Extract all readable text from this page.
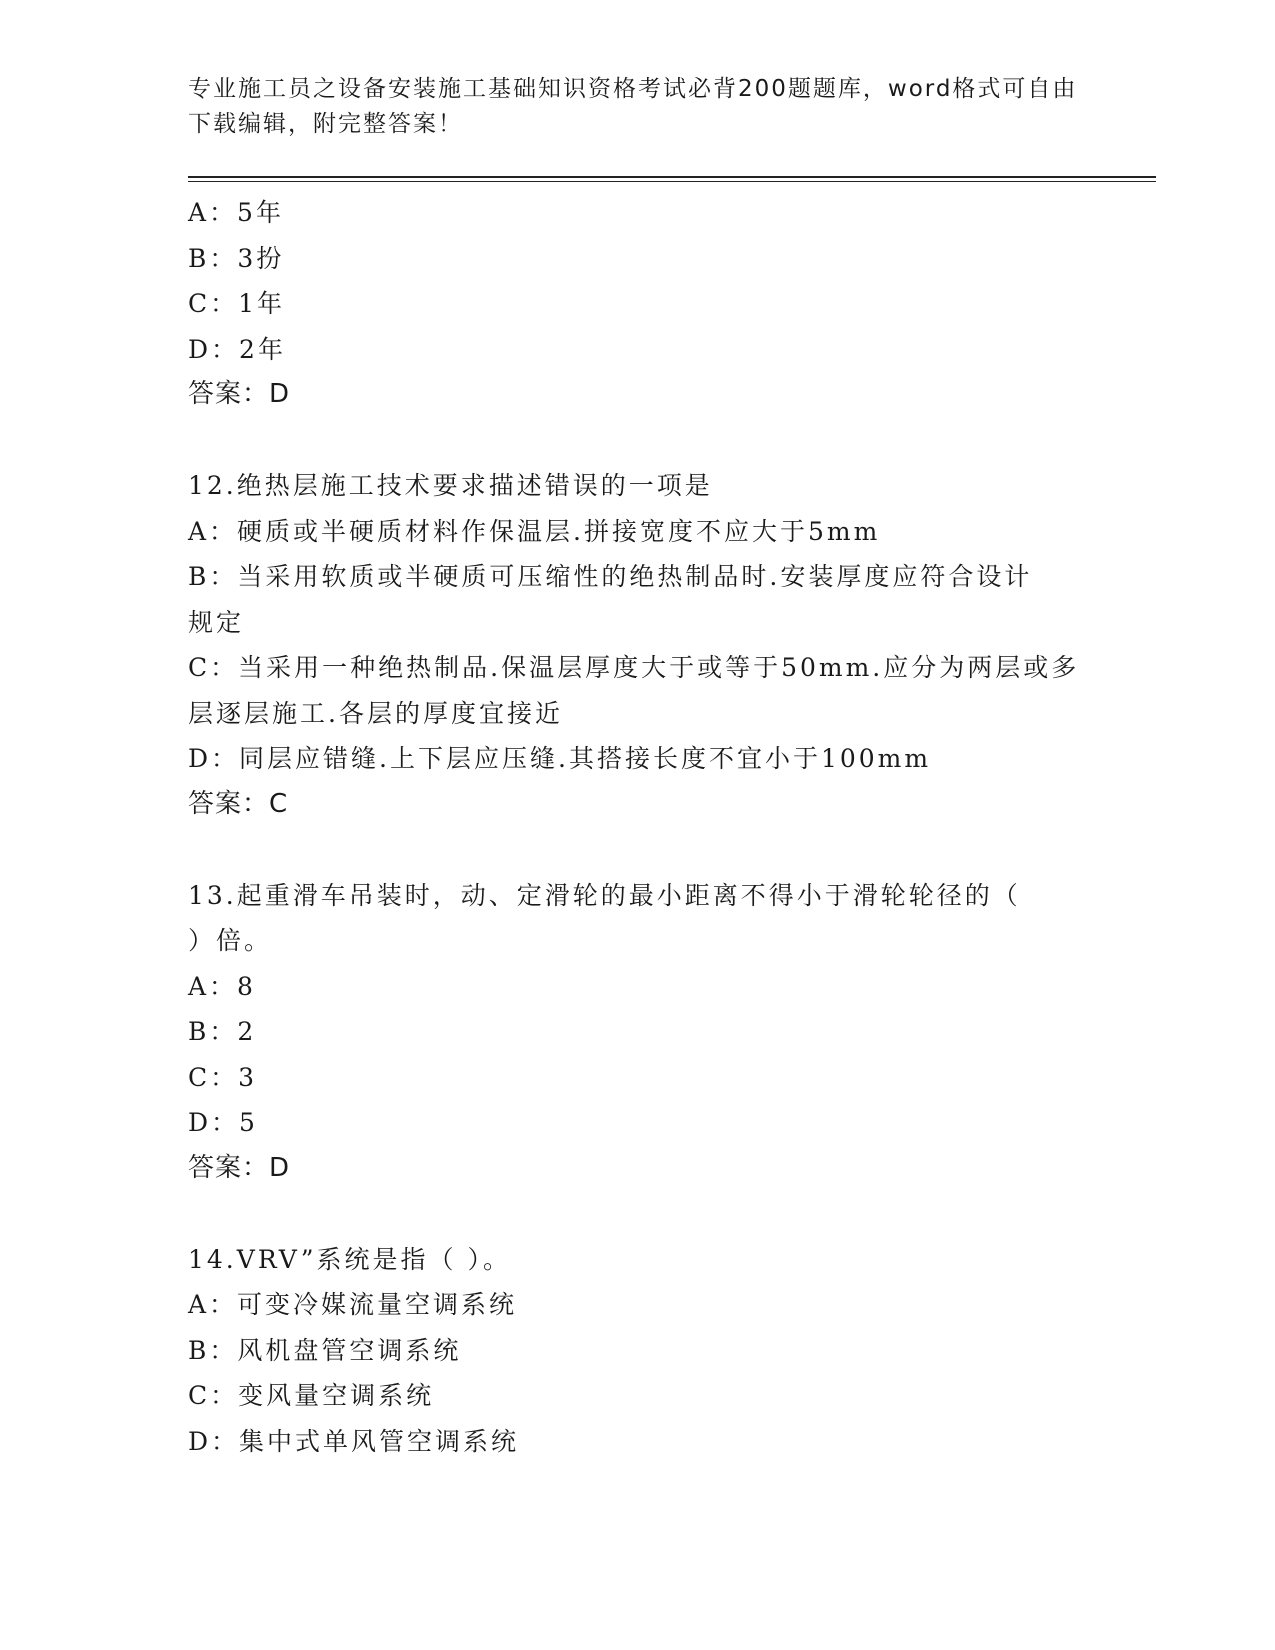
专业施工员之设备安装施工基础知识资格考试必背200题题库，word格式可自由
下载编辑，附完整答案！
A：5年
B：3扮
C：1年
D：2年
答案：D
12.绝热层施工技术要求描述错误的一项是
A：硬质或半硬质材料作保温层.拼接宽度不应大于5mm
B：当采用软质或半硬质可压缩性的绝热制品时.安装厚度应符合设计
规定
C：当采用一种绝热制品.保温层厚度大于或等于50mm.应分为两层或多
层逐层施工.各层的厚度宜接近
D：同层应错缝.上下层应压缝.其搭接长度不宜小于100mm
答案：C
13.起重滑车吊装时，动、定滑轮的最小距离不得小于滑轮轮径的（
）倍。
A：8
B：2
C：3
D：5
答案：D
14.VRV”系统是指（ ）。
A：可变冷媒流量空调系统
B：风机盘管空调系统
C：变风量空调系统
D：集中式单风管空调系统
